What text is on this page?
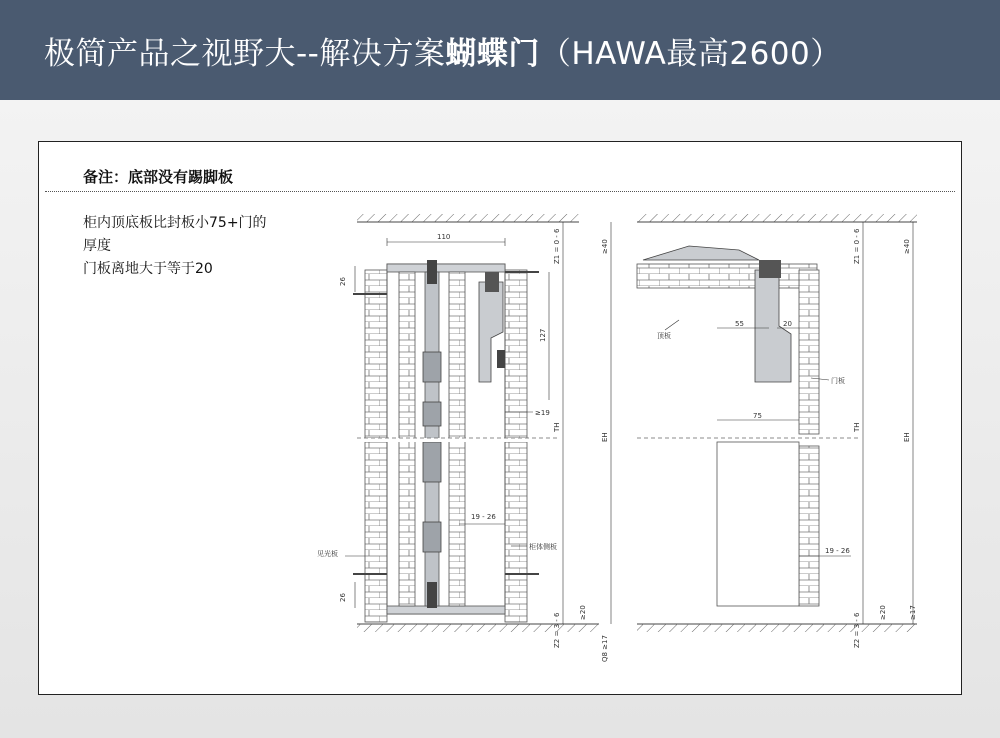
极简产品之视野大--解决方案蝴蝶门（HAWA最高2600）
备注：底部没有踢脚板
柜内顶底板比封板小75+门的
厚度
门板离地大于等于20
110
26
26
127
≥19
19 - 26
Z1 = 0 - 6
TH
Z2 = 3 - 6
≥40
EH
≥20
Q8 ≥17
柜体侧板
见光板
55	20
75
19 - 26
Z1 = 0 - 6
TH
Z2 = 3 - 6
≥40
EH
≥20	≥17
顶板
门板
